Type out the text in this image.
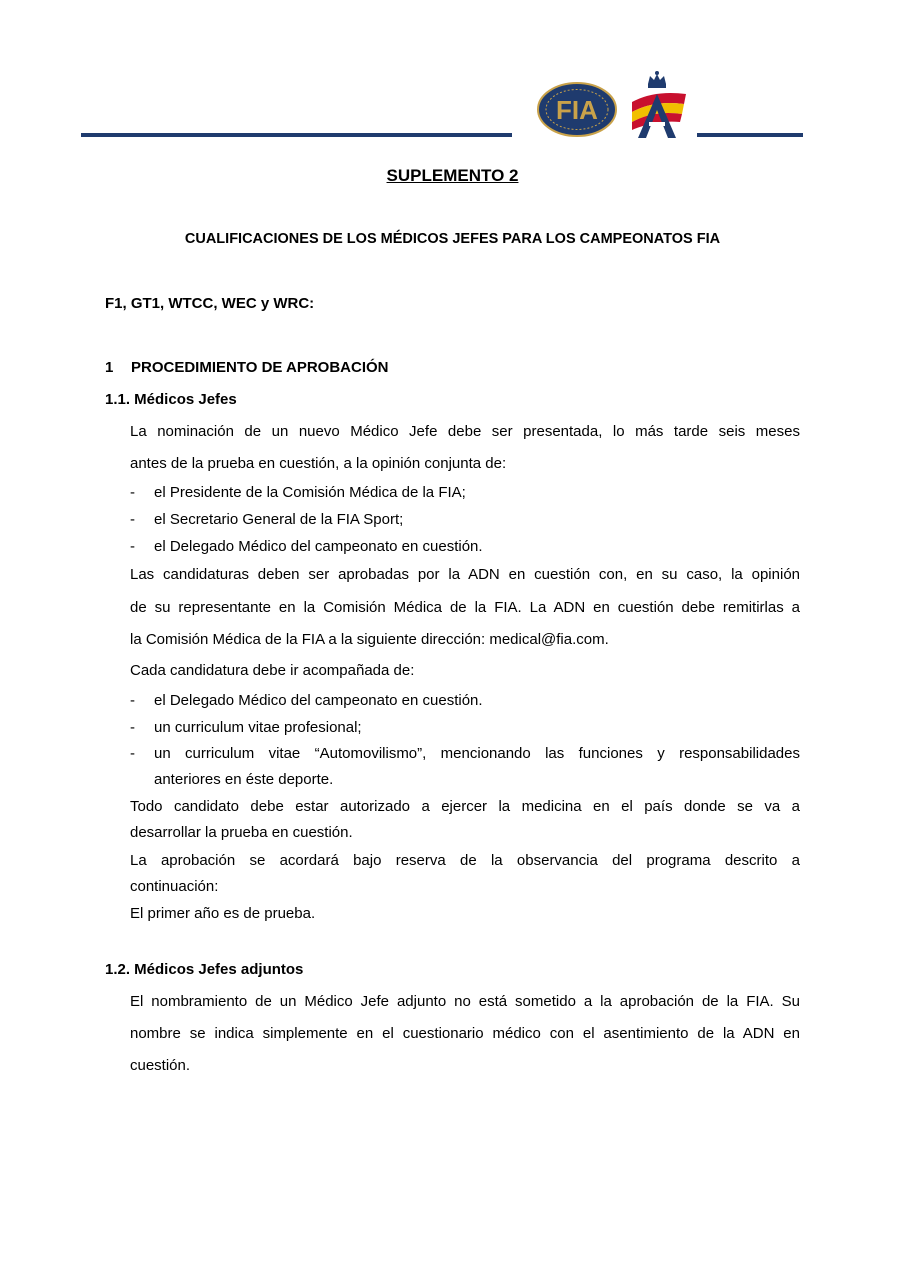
FIA

SUPLEMENTO 2

CUALIFICACIONES DE LOS MÉDICOS JEFES PARA LOS CAMPEONATOS FIA

F1, GT1, WTCC, WEC y WRC:

1 PROCEDIMIENTO DE APROBACIÓN

1.1. Médicos Jefes

La nominación de un nuevo Médico Jefe debe ser presentada, lo más tarde seis meses

antes de la prueba en cuestión, a la opinión conjunta de:

- el Presidente de la Comisión Médica de la FIA;
- el Secretario General de la FIA Sport;
- el Delegado Médico del campeonato en cuestión.

Las candidaturas deben ser aprobadas por la ADN en cuestión con, en su caso, la opinión

de su representante en la Comisión Médica de la FIA. La ADN en cuestión debe remitirlas a

la Comisión Médica de la FIA a la siguiente dirección: medical@fia.com.

Cada candidatura debe ir acompañada de:

- el Delegado Médico del campeonato en cuestión.
- un curriculum vitae profesional;
- un curriculum vitae “Automovilismo”, mencionando las funciones y responsabilidades
anteriores en éste deporte.

Todo candidato debe estar autorizado a ejercer la medicina en el país donde se va a

desarrollar la prueba en cuestión.

La aprobación se acordará bajo reserva de la observancia del programa descrito a

continuación:

El primer año es de prueba.

1.2. Médicos Jefes adjuntos

El nombramiento de un Médico Jefe adjunto no está sometido a la aprobación de la FIA. Su

nombre se indica simplemente en el cuestionario médico con el asentimiento de la ADN en

cuestión.
